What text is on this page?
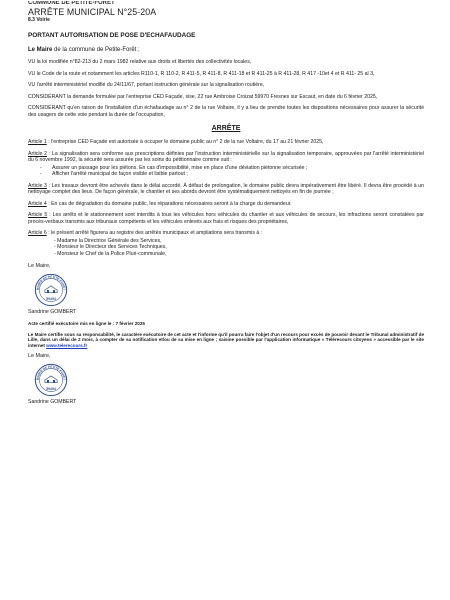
COMMUNE DE PETITE-FORET
ARRÊTE MUNICIPAL N°25-20A
8.3 Voirie
PORTANT AUTORISATION DE POSE D'ECHAFAUDAGE
Le Maire de la commune de Petite-Forêt ;

VU la loi modifiée n°82-213 du 2 mars 1982 relative aux droits et libertés des collectivités locales,

VU le Code de la route et notamment les articles R110-1, R 110-2, R 411-5, R 411-8, R 411-18 et R 411-25 à R 411-28, R 417 -10et 4 et R 411- 25 al 3,

VU l'arrêté interministériel modifié du 24/11/67, portant instruction générale sur la signalisation routière,

CONSIDÉRANT la demande formulée par l'entreprise CED Façade, sise, 22 rue Ambroise Croizat 59970 Fresnes sur Escaut, en date du 6 février 2025,

CONSIDÉRANT qu'en raison de l'installation d'un échafaudage au n° 2 de la rue Voltaire, il y a lieu de prendre toutes les dispositions nécessaires pour assurer la sécurité des usagers de cette voie pendant la durée de l'occupation,

ARRÊTE

Article 1 : l'entreprise CED Façade est autorisée à occuper le domaine public au n° 2 de la rue Voltaire, du 17 au 21 février 2025,

Article 2 : La signalisation sera conforme aux prescriptions définies par l'instruction interministérielle sur la signalisation temporaire, approuvées par l'arrêté interministériel du 6 novembre 1992, la sécurité sera assurée par les soins du pétitionnaire comme suit :

- Assurer un passage pour les piétons. En cas d'impossibilité, mise en place d'une déviation piétonne sécurisée ;
- Afficher l'arrêté municipal de façon visible et lisible partout ;

Article 3 : Les travaux devront être achevés dans le délai accordé. À défaut de prolongation, le domaine public devra impérativement être libéré. Il devra être procédé à un nettoyage complet des lieux. De façon générale, le chantier et ses abords devront être systématiquement nettoyés en fin de journée ;

Article 4 : En cas de dégradation du domaine public, les réparations nécessaires seront à la charge du demandeur.

Article 5 : Les arrêts et le stationnement sont interdits à tous les véhicules hors véhicules du chantier et aux véhicules de secours, les infractions seront constatées par procès-verbaux transmis aux tribunaux compétents et les véhicules enlevés aux frais et risques des propriétaires,

Article 6 : le présent arrêté figurera au registre des arrêtés municipaux et ampliations sera transmis à :

- Madame la Directrice Générale des Services,
- Monsieur le Directeur des Services Techniques,
- Monsieur le Chef de la Police Pluri-communale,
Le Maire,
MAIRIE DE PETITE-FORÊT
59494
Sandrine GOMBERT

Acte certifié exécutoire mis en ligne le : 7 février 2025

Le Maire certifie sous sa responsabilité, le caractère exécutoire de cet acte et l'informe qu'il pourra faire l'objet d'un recours pour excès de pouvoir devant le Tribunal administratif de Lille, dans un délai de 2 mois, à compter de sa notification et/ou de sa mise en ligne ; saisine possible par l'application informatique « Télérecours citoyens » accessible par le site internet www.telerecours.fr

Le Maire,
MAIRIE DE PETITE-FORÊT
59494
Sandrine GOMBERT
